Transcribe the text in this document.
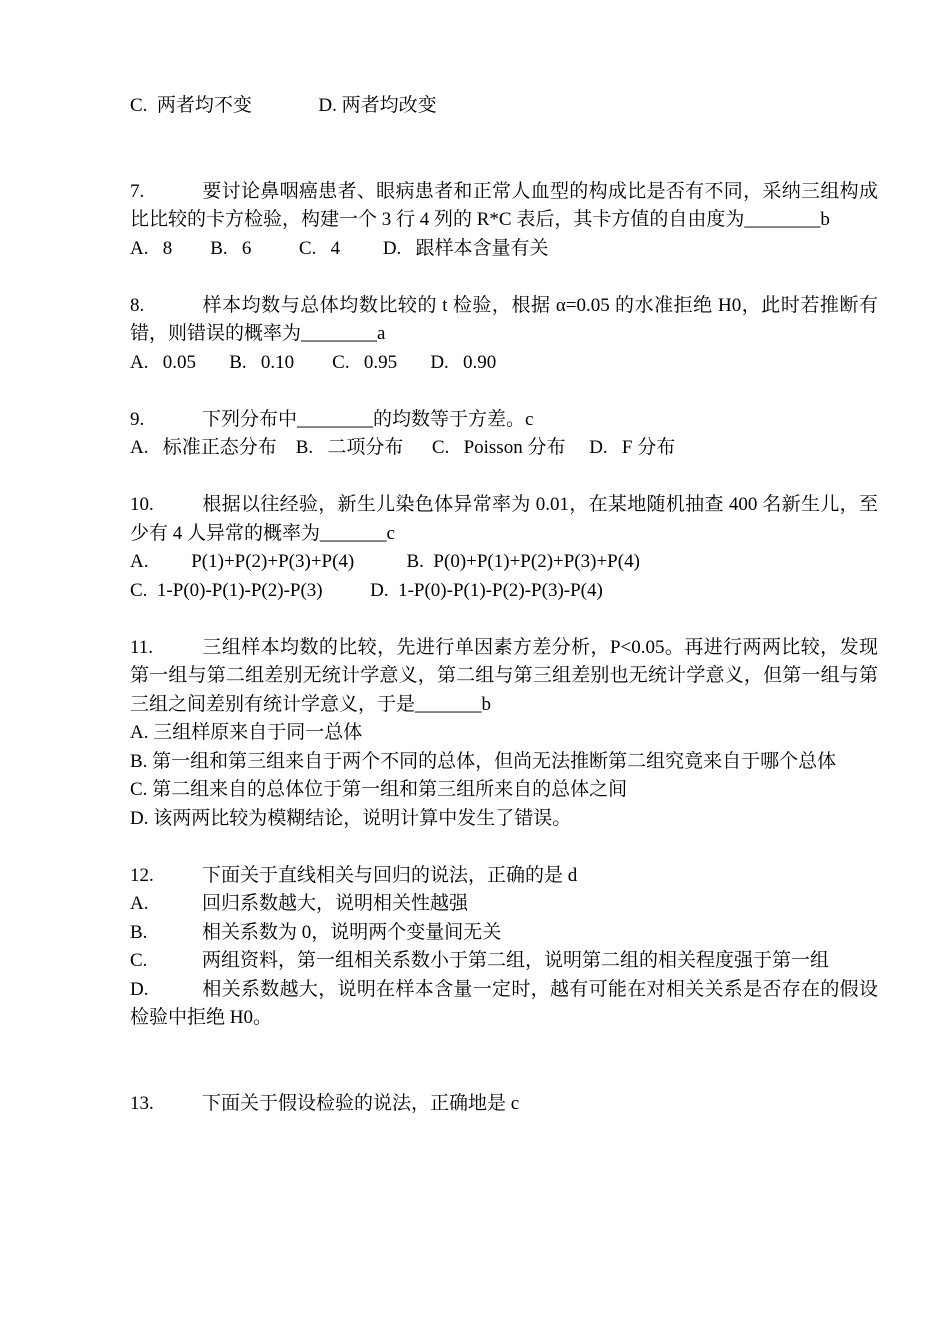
C.  两者均不变              D. 两者均改变
7.	要讨论鼻咽癌患者、眼病患者和正常人血型的构成比是否有不同，采纳三组构成比比较的卡方检验，构建一个 3 行 4 列的 R*C 表后，其卡方值的自由度为________b
A.   8        B.   6          C.   4         D.   跟样本含量有关
8.	样本均数与总体均数比较的 t 检验，根据 α=0.05 的水准拒绝 H0，此时若推断有错，则错误的概率为________a
A.   0.05       B.   0.10        C.   0.95       D.   0.90
9.	下列分布中________的均数等于方差。c
A.   标准正态分布    B.   二项分布      C.   Poisson 分布     D.   F 分布
10.	根据以往经验，新生儿染色体异常率为 0.01，在某地随机抽查 400 名新生儿，至少有 4 人异常的概率为_______c
A.         P(1)+P(2)+P(3)+P(4)           B.  P(0)+P(1)+P(2)+P(3)+P(4)
C.  1-P(0)-P(1)-P(2)-P(3)          D.  1-P(0)-P(1)-P(2)-P(3)-P(4)
11.	三组样本均数的比较，先进行单因素方差分析，P<0.05。再进行两两比较，发现第一组与第二组差别无统计学意义，第二组与第三组差别也无统计学意义，但第一组与第三组之间差别有统计学意义，于是_______b
A. 三组样原来自于同一总体
B. 第一组和第三组来自于两个不同的总体，但尚无法推断第二组究竟来自于哪个总体
C. 第二组来自的总体位于第一组和第三组所来自的总体之间
D. 该两两比较为模糊结论，说明计算中发生了错误。
12.	下面关于直线相关与回归的说法，正确的是 d
A.	回归系数越大，说明相关性越强
B.	相关系数为 0，说明两个变量间无关
C.	两组资料，第一组相关系数小于第二组，说明第二组的相关程度强于第一组
D.	相关系数越大，说明在样本含量一定时，越有可能在对相关关系是否存在的假设检验中拒绝 H0。
13.	下面关于假设检验的说法，正确地是 c
